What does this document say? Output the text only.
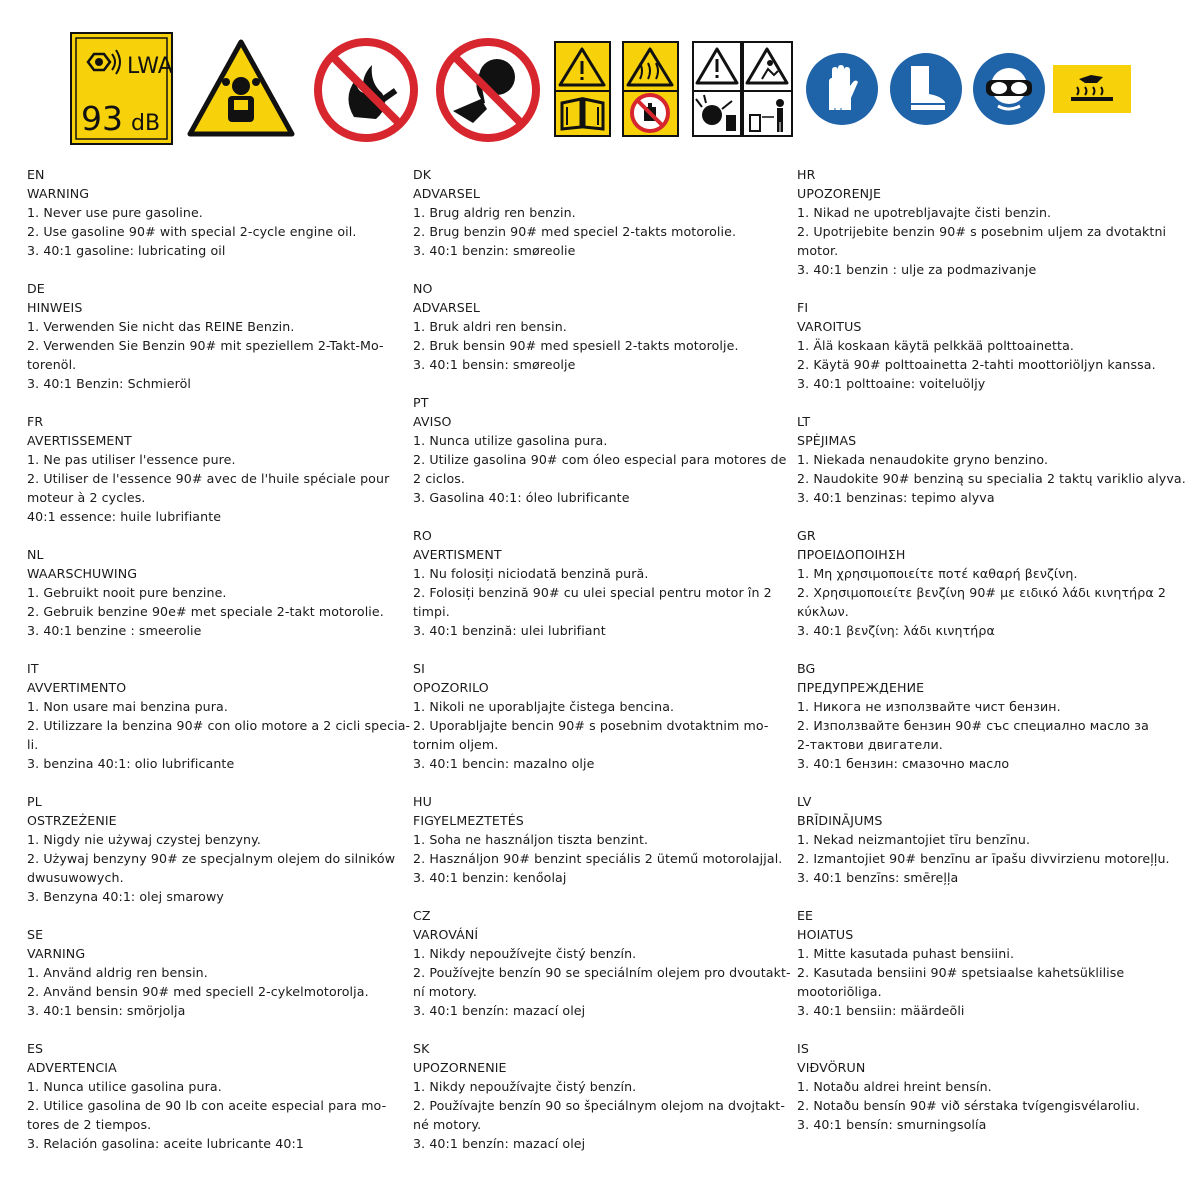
LWA
93 dB
EN
WARNING
1. Never use pure gasoline.
2. Use gasoline 90# with special 2-cycle engine oil.
3. 40:1 gasoline: lubricating oil
DE
HINWEIS
1. Verwenden Sie nicht das REINE Benzin.
2. Verwenden Sie Benzin 90# mit speziellem 2-Takt-Mo-
torenöl.
3. 40:1 Benzin: Schmieröl
FR
AVERTISSEMENT
1. Ne pas utiliser l'essence pure.
2. Utiliser de l'essence 90# avec de l'huile spéciale pour
moteur à 2 cycles.
40:1 essence: huile lubrifiante
NL
WAARSCHUWING
1. Gebruikt nooit pure benzine.
2. Gebruik benzine 90e# met speciale 2-takt motorolie.
3. 40:1 benzine : smeerolie
IT
AVVERTIMENTO
1. Non usare mai benzina pura.
2. Utilizzare la benzina 90# con olio motore a 2 cicli specia-
li.
3. benzina 40:1: olio lubrificante
PL
OSTRZEŻENIE
1. Nigdy nie używaj czystej benzyny.
2. Używaj benzyny 90# ze specjalnym olejem do silników
dwusuwowych.
3. Benzyna 40:1: olej smarowy
SE
VARNING
1. Använd aldrig ren bensin.
2. Använd bensin 90# med speciell 2-cykelmotorolja.
3. 40:1 bensin: smörjolja
ES
ADVERTENCIA
1. Nunca utilice gasolina pura.
2. Utilice gasolina de 90 lb con aceite especial para mo-
tores de 2 tiempos.
3. Relación gasolina: aceite lubricante 40:1
DK
ADVARSEL
1. Brug aldrig ren benzin.
2. Brug benzin 90# med speciel 2-takts motorolie.
3. 40:1 benzin: smøreolie
NO
ADVARSEL
1. Bruk aldri ren bensin.
2. Bruk bensin 90# med spesiell 2-takts motorolje.
3. 40:1 bensin: smøreolje
PT
AVISO
1. Nunca utilize gasolina pura.
2. Utilize gasolina 90# com óleo especial para motores de
2 ciclos.
3. Gasolina 40:1: óleo lubrificante
RO
AVERTISMENT
1. Nu folosiți niciodată benzină pură.
2. Folosiți benzină 90# cu ulei special pentru motor în 2
timpi.
3. 40:1 benzină: ulei lubrifiant
SI
OPOZORILO
1. Nikoli ne uporabljajte čistega bencina.
2. Uporabljajte bencin 90# s posebnim dvotaktnim mo-
tornim oljem.
3. 40:1 bencin: mazalno olje
HU
FIGYELMEZTETÉS
1. Soha ne használjon tiszta benzint.
2. Használjon 90# benzint speciális 2 ütemű motorolajjal.
3. 40:1 benzin: kenőolaj
CZ
VAROVÁNÍ
1. Nikdy nepoužívejte čistý benzín.
2. Používejte benzín 90 se speciálním olejem pro dvoutakt-
ní motory.
3. 40:1 benzín: mazací olej
SK
UPOZORNENIE
1. Nikdy nepoužívajte čistý benzín.
2. Používajte benzín 90 so špeciálnym olejom na dvojtakt-
né motory.
3. 40:1 benzín: mazací olej
HR
UPOZORENJE
1. Nikad ne upotrebljavajte čisti benzin.
2. Upotrijebite benzin 90# s posebnim uljem za dvotaktni
motor.
3. 40:1 benzin : ulje za podmazivanje
FI
VAROITUS
1. Älä koskaan käytä pelkkää polttoainetta.
2. Käytä 90# polttoainetta 2-tahti moottoriöljyn kanssa.
3. 40:1 polttoaine: voiteluöljy
LT
SPĖJIMAS
1. Niekada nenaudokite gryno benzino.
2. Naudokite 90# benziną su specialia 2 taktų variklio alyva.
3. 40:1 benzinas: tepimo alyva
GR
ΠΡΟΕΙΔΟΠΟΙΗΣΗ
1. Μη χρησιμοποιείτε ποτέ καθαρή βενζίνη.
2. Χρησιμοποιείτε βενζίνη 90# με ειδικό λάδι κινητήρα 2
κύκλων.
3. 40:1 βενζίνη: λάδι κινητήρα
BG
ПРЕДУПРЕЖДЕНИЕ
1. Никога не използвайте чист бензин.
2. Използвайте бензин 90# със специално масло за
2-тактови двигатели.
3. 40:1 бензин: смазочно масло
LV
BRĪDINĀJUMS
1. Nekad neizmantojiet tīru benzīnu.
2. Izmantojiet 90# benzīnu ar īpašu divvirzienu motoreļļu.
3. 40:1 benzīns: smēreļļa
EE
HOIATUS
1. Mitte kasutada puhast bensiini.
2. Kasutada bensiini 90# spetsiaalse kahetsüklilise
mootoriõliga.
3. 40:1 bensiin: määrdeõli
IS
VIÐVÖRUN
1. Notaðu aldrei hreint bensín.
2. Notaðu bensín 90# við sérstaka tvígengisvélaroliu.
3. 40:1 bensín: smurningsolía
